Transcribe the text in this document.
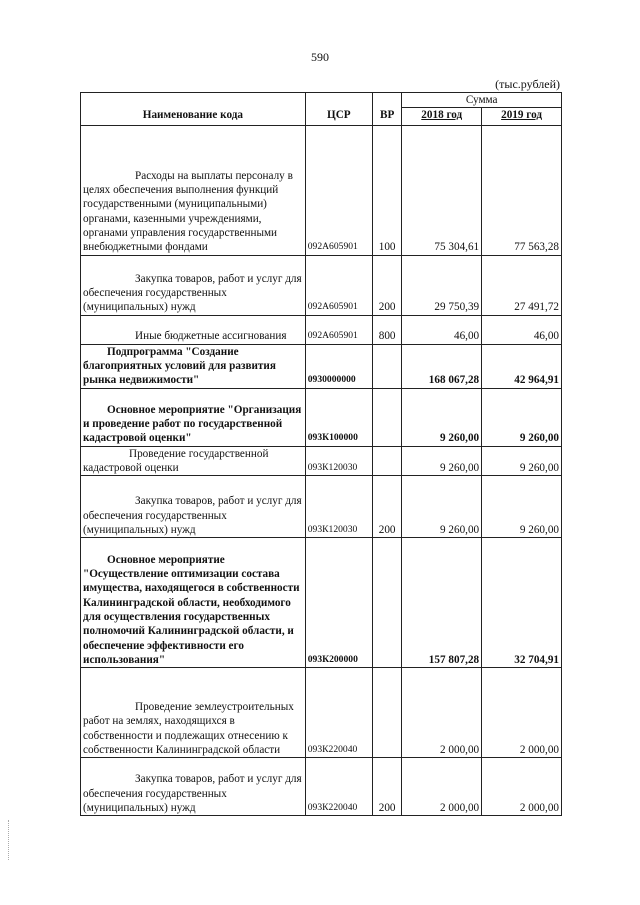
590
(тыс.рублей)
Наименование кода	ЦСР	ВР	Сумма	
			2018 год	2019 год

Расходы на выплаты персоналу в целях обеспечения выполнения функций государственными (муниципальными) органами, казенными учреждениями, органами управления государственными внебюджетными фондами	092А605901	100	75 304,61	77 563,28

Закупка товаров, работ и услуг для обеспечения государственных (муниципальных) нужд	092А605901	200	29 750,39	27 491,72

Иные бюджетные ассигнования	092А605901	800	46,00	46,00

Подпрограмма "Создание благоприятных условий для развития рынка недвижимости"	0930000000		168 067,28	42 964,91

Основное мероприятие "Организация и проведение работ по государственной кадастровой оценки"	093К100000		9 260,00	9 260,00

Проведение государственной кадастровой оценки	093К120030		9 260,00	9 260,00

Закупка товаров, работ и услуг для обеспечения государственных (муниципальных) нужд	093К120030	200	9 260,00	9 260,00

Основное мероприятие "Осуществление оптимизации состава имущества, находящегося в собственности Калининградской области, необходимого для осуществления государственных полномочий Калининградской области, и обеспечение эффективности его использования"	093К200000		157 807,28	32 704,91

Проведение землеустроительных работ на землях, находящихся в собственности и подлежащих отнесению к собственности Калининградской области	093К220040		2 000,00	2 000,00

Закупка товаров, работ и услуг для обеспечения государственных (муниципальных) нужд	093К220040	200	2 000,00	2 000,00
